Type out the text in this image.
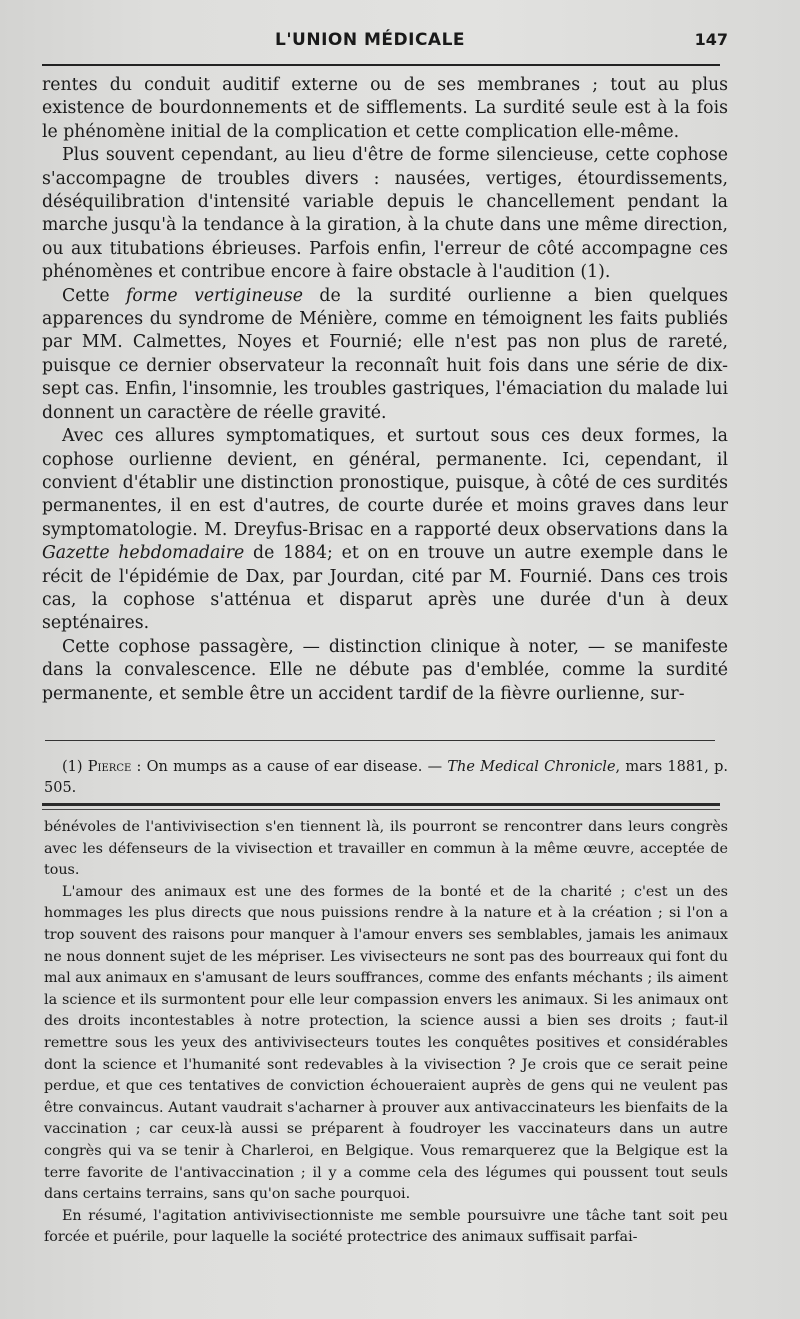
L'UNION MÉDICALE	147

rentes du conduit auditif externe ou de ses membranes ; tout au plus existence de bourdonnements et de sifflements. La surdité seule est à la fois le phénomène initial de la complication et cette complication elle-même.

Plus souvent cependant, au lieu d'être de forme silencieuse, cette cophose s'accompagne de troubles divers : nausées, vertiges, étourdissements, déséquilibration d'intensité variable depuis le chancellement pendant la marche jusqu'à la tendance à la giration, à la chute dans une même direction, ou aux titubations ébrieuses. Parfois enfin, l'erreur de côté accompagne ces phénomènes et contribue encore à faire obstacle à l'audition (1).

Cette forme vertigineuse de la surdité ourlienne a bien quelques apparences du syndrome de Ménière, comme en témoignent les faits publiés par MM. Calmettes, Noyes et Fournié; elle n'est pas non plus de rareté, puisque ce dernier observateur la reconnaît huit fois dans une série de dix-sept cas. Enfin, l'insomnie, les troubles gastriques, l'émaciation du malade lui donnent un caractère de réelle gravité.

Avec ces allures symptomatiques, et surtout sous ces deux formes, la cophose ourlienne devient, en général, permanente. Ici, cependant, il convient d'établir une distinction pronostique, puisque, à côté de ces surdités permanentes, il en est d'autres, de courte durée et moins graves dans leur symptomatologie. M. Dreyfus-Brisac en a rapporté deux observations dans la Gazette hebdomadaire de 1884; et on en trouve un autre exemple dans le récit de l'épidémie de Dax, par Jourdan, cité par M. Fournié. Dans ces trois cas, la cophose s'atténua et disparut après une durée d'un à deux septénaires.

Cette cophose passagère, — distinction clinique à noter, — se manifeste dans la convalescence. Elle ne débute pas d'emblée, comme la surdité permanente, et semble être un accident tardif de la fièvre ourlienne, sur-

(1) Pierce : On mumps as a cause of ear disease. — The Medical Chronicle, mars 1881, p. 505.

bénévoles de l'antivivisection s'en tiennent là, ils pourront se rencontrer dans leurs congrès avec les défenseurs de la vivisection et travailler en commun à la même œuvre, acceptée de tous.

L'amour des animaux est une des formes de la bonté et de la charité ; c'est un des hommages les plus directs que nous puissions rendre à la nature et à la création ; si l'on a trop souvent des raisons pour manquer à l'amour envers ses semblables, jamais les animaux ne nous donnent sujet de les mépriser. Les vivisecteurs ne sont pas des bourreaux qui font du mal aux animaux en s'amusant de leurs souffrances, comme des enfants méchants ; ils aiment la science et ils surmontent pour elle leur compassion envers les animaux. Si les animaux ont des droits incontestables à notre protection, la science aussi a bien ses droits ; faut-il remettre sous les yeux des antivivisecteurs toutes les conquêtes positives et considérables dont la science et l'humanité sont redevables à la vivisection ? Je crois que ce serait peine perdue, et que ces tentatives de conviction échoueraient auprès de gens qui ne veulent pas être convaincus. Autant vaudrait s'acharner à prouver aux antivaccinateurs les bienfaits de la vaccination ; car ceux-là aussi se préparent à foudroyer les vaccinateurs dans un autre congrès qui va se tenir à Charleroi, en Belgique. Vous remarquerez que la Belgique est la terre favorite de l'antivaccination ; il y a comme cela des légumes qui poussent tout seuls dans certains terrains, sans qu'on sache pourquoi.

En résumé, l'agitation antivivisectionniste me semble poursuivre une tâche tant soit peu forcée et puérile, pour laquelle la société protectrice des animaux suffisait parfai-
